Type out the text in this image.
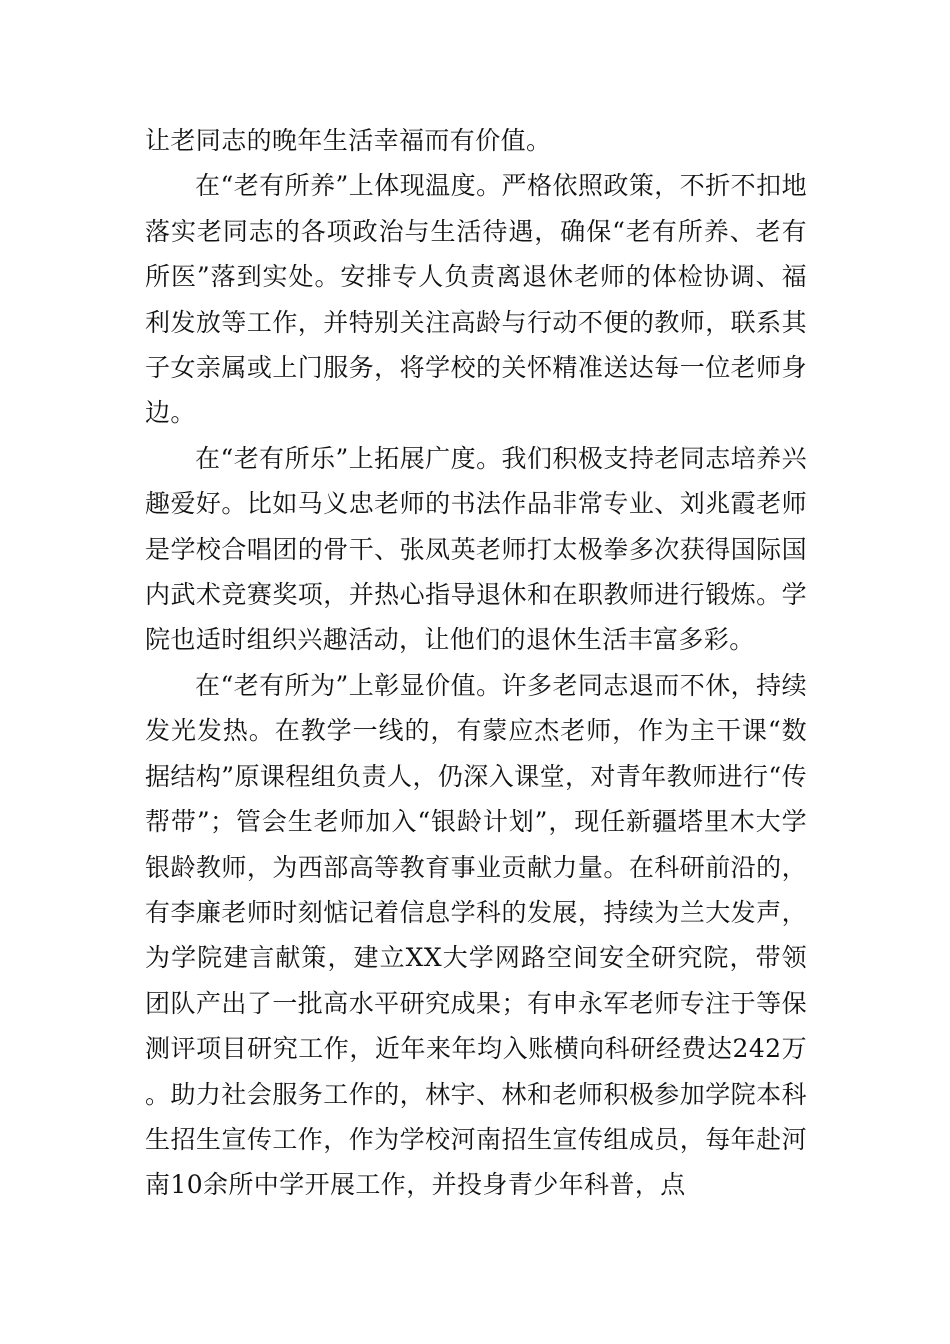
让老同志的晚年生活幸福而有价值。

在“老有所养”上体现温度。严格依照政策，不折不扣地落实老同志的各项政治与生活待遇，确保“老有所养、老有所医”落到实处。安排专人负责离退休老师的体检协调、福利发放等工作，并特别关注高龄与行动不便的教师，联系其子女亲属或上门服务，将学校的关怀精准送达每一位老师身边。

在“老有所乐”上拓展广度。我们积极支持老同志培养兴趣爱好。比如马义忠老师的书法作品非常专业、刘兆霞老师是学校合唱团的骨干、张凤英老师打太极拳多次获得国际国内武术竞赛奖项，并热心指导退休和在职教师进行锻炼。学院也适时组织兴趣活动，让他们的退休生活丰富多彩。

在“老有所为”上彰显价值。许多老同志退而不休，持续发光发热。在教学一线的，有蒙应杰老师，作为主干课“数据结构”原课程组负责人，仍深入课堂，对青年教师进行“传帮带”；管会生老师加入“银龄计划”，现任新疆塔里木大学银龄教师，为西部高等教育事业贡献力量。在科研前沿的，有李廉老师时刻惦记着信息学科的发展，持续为兰大发声，为学院建言献策，建立XX大学网路空间安全研究院，带领团队产出了一批高水平研究成果；有申永军老师专注于等保测评项目研究工作，近年来年均入账横向科研经费达242万。助力社会服务工作的，林宇、林和老师积极参加学院本科生招生宣传工作，作为学校河南招生宣传组成员，每年赴河南10余所中学开展工作，并投身青少年科普，点
